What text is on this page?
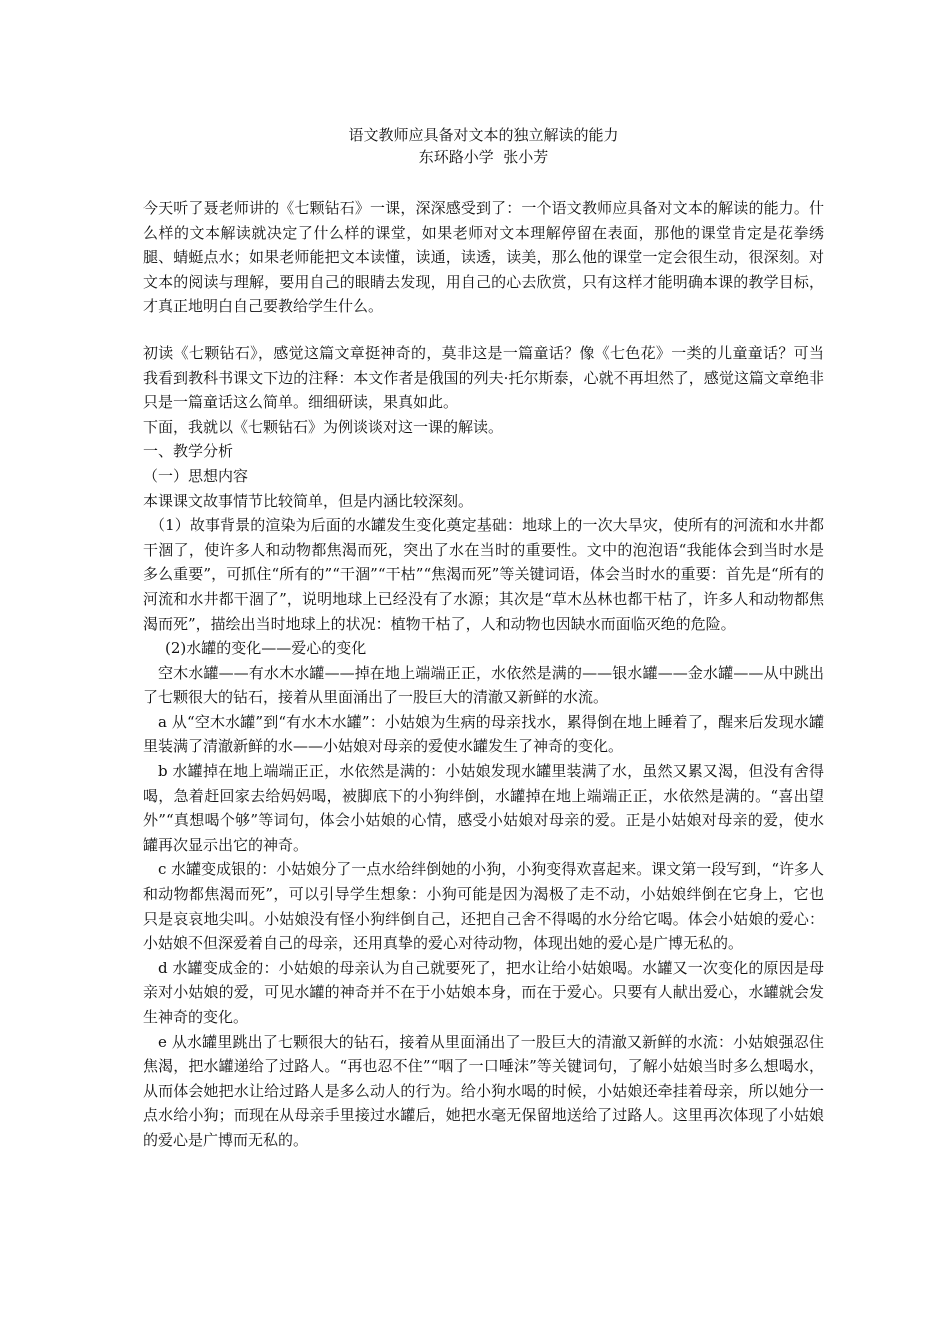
语文教师应具备对文本的独立解读的能力
东环路小学  张小芳

今天听了聂老师讲的《七颗钻石》一课，深深感受到了：一个语文教师应具备对文本的解读的能力。什么样的文本解读就决定了什么样的课堂，如果老师对文本理解停留在表面，那他的课堂肯定是花拳绣腿、蜻蜓点水；如果老师能把文本读懂，读通，读透，读美，那么他的课堂一定会很生动，很深刻。对文本的阅读与理解，要用自己的眼睛去发现，用自己的心去欣赏，只有这样才能明确本课的教学目标，才真正地明白自己要教给学生什么。

初读《七颗钻石》，感觉这篇文章挺神奇的，莫非这是一篇童话？像《七色花》一类的儿童童话？可当我看到教科书课文下边的注释：本文作者是俄国的列夫·托尔斯泰，心就不再坦然了，感觉这篇文章绝非只是一篇童话这么简单。细细研读，果真如此。

下面，我就以《七颗钻石》为例谈谈对这一课的解读。

一、教学分析

（一）思想内容

本课课文故事情节比较简单，但是内涵比较深刻。

（1）故事背景的渲染为后面的水罐发生变化奠定基础：地球上的一次大旱灾，使所有的河流和水井都干涸了，使许多人和动物都焦渴而死，突出了水在当时的重要性。文中的泡泡语“我能体会到当时水是多么重要”，可抓住“所有的”“干涸”“干枯”“焦渴而死”等关键词语，体会当时水的重要：首先是“所有的河流和水井都干涸了”，说明地球上已经没有了水源；其次是“草木丛林也都干枯了，许多人和动物都焦渴而死”，描绘出当时地球上的状况：植物干枯了，人和动物也因缺水而面临灭绝的危险。

(2)水罐的变化——爱心的变化

空木水罐——有水木水罐——掉在地上端端正正，水依然是满的——银水罐——金水罐——从中跳出了七颗很大的钻石，接着从里面涌出了一股巨大的清澈又新鲜的水流。

a 从“空木水罐”到“有水木水罐”：小姑娘为生病的母亲找水，累得倒在地上睡着了，醒来后发现水罐里装满了清澈新鲜的水——小姑娘对母亲的爱使水罐发生了神奇的变化。

b 水罐掉在地上端端正正，水依然是满的：小姑娘发现水罐里装满了水，虽然又累又渴，但没有舍得喝，急着赶回家去给妈妈喝，被脚底下的小狗绊倒，水罐掉在地上端端正正，水依然是满的。“喜出望外”“真想喝个够”等词句，体会小姑娘的心情，感受小姑娘对母亲的爱。正是小姑娘对母亲的爱，使水罐再次显示出它的神奇。

c 水罐变成银的：小姑娘分了一点水给绊倒她的小狗，小狗变得欢喜起来。课文第一段写到，“许多人和动物都焦渴而死”，可以引导学生想象：小狗可能是因为渴极了走不动，小姑娘绊倒在它身上，它也只是哀哀地尖叫。小姑娘没有怪小狗绊倒自己，还把自己舍不得喝的水分给它喝。体会小姑娘的爱心：小姑娘不但深爱着自己的母亲，还用真挚的爱心对待动物，体现出她的爱心是广博无私的。

d 水罐变成金的：小姑娘的母亲认为自己就要死了，把水让给小姑娘喝。水罐又一次变化的原因是母亲对小姑娘的爱，可见水罐的神奇并不在于小姑娘本身，而在于爱心。只要有人献出爱心，水罐就会发生神奇的变化。

e 从水罐里跳出了七颗很大的钻石，接着从里面涌出了一股巨大的清澈又新鲜的水流：小姑娘强忍住焦渴，把水罐递给了过路人。“再也忍不住”“咽了一口唾沫”等关键词句，了解小姑娘当时多么想喝水，从而体会她把水让给过路人是多么动人的行为。给小狗水喝的时候，小姑娘还牵挂着母亲，所以她分一点水给小狗；而现在从母亲手里接过水罐后，她把水毫无保留地送给了过路人。这里再次体现了小姑娘的爱心是广博而无私的。
